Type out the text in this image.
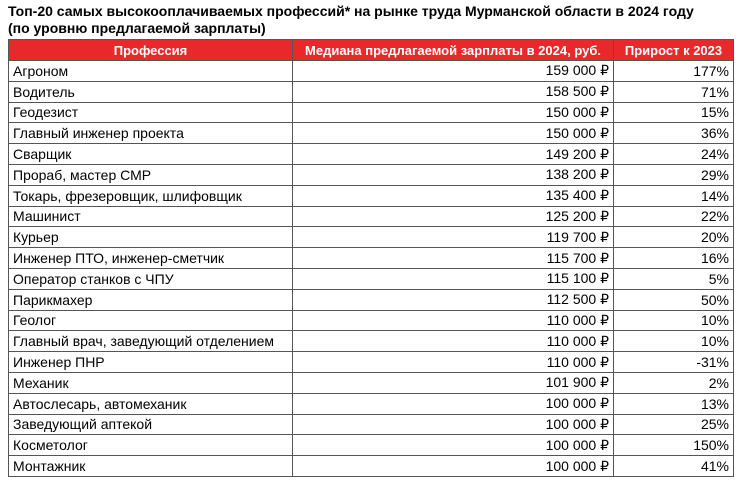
Топ-20 самых высокооплачиваемых профессий* на рынке труда Мурманской области в 2024 году
(по уровню предлагаемой зарплаты)

Профессия	Медиана предлагаемой зарплаты в 2024, руб.	Прирост к 2023
Агроном	159 000 ₽	177%
Водитель	158 500 ₽	71%
Геодезист	150 000 ₽	15%
Главный инженер проекта	150 000 ₽	36%
Сварщик	149 200 ₽	24%
Прораб, мастер СМР	138 200 ₽	29%
Токарь, фрезеровщик, шлифовщик	135 400 ₽	14%
Машинист	125 200 ₽	22%
Курьер	119 700 ₽	20%
Инженер ПТО, инженер-сметчик	115 700 ₽	16%
Оператор станков с ЧПУ	115 100 ₽	5%
Парикмахер	112 500 ₽	50%
Геолог	110 000 ₽	10%
Главный врач, заведующий отделением	110 000 ₽	10%
Инженер ПНР	110 000 ₽	-31%
Механик	101 900 ₽	2%
Автослесарь, автомеханик	100 000 ₽	13%
Заведующий аптекой	100 000 ₽	25%
Косметолог	100 000 ₽	150%
Монтажник	100 000 ₽	41%
